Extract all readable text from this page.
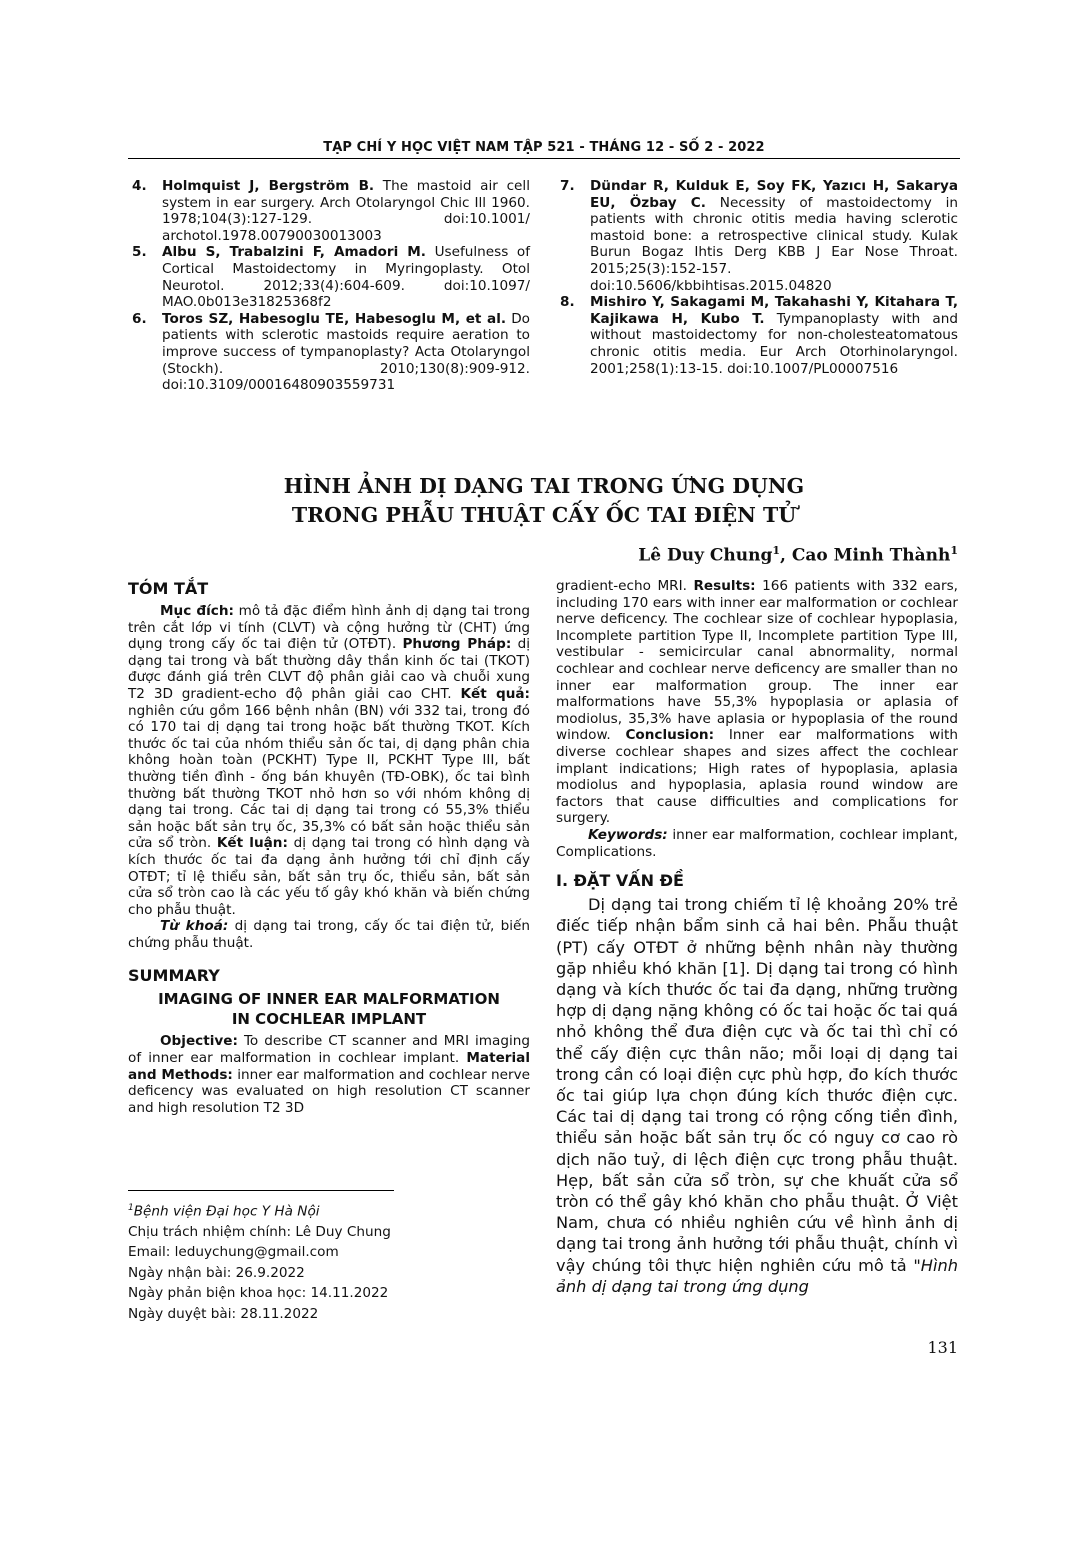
TẠP CHÍ Y HỌC VIỆT NAM TẬP 521 - THÁNG 12 - SỐ 2 - 2022
4.	Holmquist J, Bergström B. The mastoid air cell system in ear surgery. Arch Otolaryngol Chic Ill 1960. 1978;104(3):127-129. doi:10.1001/ archotol.1978.00790030013003
5.	Albu S, Trabalzini F, Amadori M. Usefulness of Cortical Mastoidectomy in Myringoplasty. Otol Neurotol. 2012;33(4):604-609. doi:10.1097/ MAO.0b013e31825368f2
6.	Toros SZ, Habesoglu TE, Habesoglu M, et al. Do patients with sclerotic mastoids require aeration to improve success of tympanoplasty? Acta Otolaryngol (Stockh). 2010;130(8):909-912. doi:10.3109/00016480903559731
7.	Dündar R, Kulduk E, Soy FK, Yazıcı H, Sakarya EU, Özbay C. Necessity of mastoidectomy in patients with chronic otitis media having sclerotic mastoid bone: a retrospective clinical study. Kulak Burun Bogaz Ihtis Derg KBB J Ear Nose Throat. 2015;25(3):152-157. doi:10.5606/kbbihtisas.2015.04820
8.	Mishiro Y, Sakagami M, Takahashi Y, Kitahara T, Kajikawa H, Kubo T. Tympanoplasty with and without mastoidectomy for non-cholesteatomatous chronic otitis media. Eur Arch Otorhinolaryngol. 2001;258(1):13-15. doi:10.1007/PL00007516
HÌNH ẢNH DỊ DẠNG TAI TRONG ỨNG DỤNG
TRONG PHẪU THUẬT CẤY ỐC TAI ĐIỆN TỬ
Lê Duy Chung$^1$, Cao Minh Thành$^1$
TÓM TẮT
Mục đích: mô tả đặc điểm hình ảnh dị dạng tai trong trên cắt lớp vi tính (CLVT) và cộng hưởng từ (CHT) ứng dụng trong cấy ốc tai điện tử (OTĐT). Phương Pháp: dị dạng tai trong và bất thường dây thần kinh ốc tai (TKOT) được đánh giá trên CLVT độ phân giải cao và chuỗi xung T2 3D gradient-echo độ phân giải cao CHT. Kết quả: nghiên cứu gồm 166 bệnh nhân (BN) với 332 tai, trong đó có 170 tai dị dạng tai trong hoặc bất thường TKOT. Kích thước ốc tai của nhóm thiểu sản ốc tai, dị dạng phân chia không hoàn toàn (PCKHT) Type II, PCKHT Type III, bất thường tiền đình - ống bán khuyên (TĐ-OBK), ốc tai bình thường bất thường TKOT nhỏ hơn so với nhóm không dị dạng tai trong. Các tai dị dạng tai trong có 55,3% thiểu sản hoặc bất sản trụ ốc, 35,3% có bất sản hoặc thiểu sản cửa sổ tròn. Kết luận: dị dạng tai trong có hình dạng và kích thước ốc tai đa dạng ảnh hưởng tới chỉ định cấy OTĐT; tỉ lệ thiểu sản, bất sản trụ ốc, thiểu sản, bất sản cửa sổ tròn cao là các yếu tố gây khó khăn và biến chứng cho phẫu thuật.
Từ khoá: dị dạng tai trong, cấy ốc tai điện tử, biến chứng phẫu thuật.
SUMMARY
IMAGING OF INNER EAR MALFORMATION
IN COCHLEAR IMPLANT
Objective: To describe CT scanner and MRI imaging of inner ear malformation in cochlear implant. Material and Methods: inner ear malformation and cochlear nerve deficency was evaluated on high resolution CT scanner and high resolution T2 3D
$^1$Bệnh viện Đại học Y Hà Nội
Chịu trách nhiệm chính: Lê Duy Chung
Email: leduychung@gmail.com
Ngày nhận bài: 26.9.2022
Ngày phản biện khoa học: 14.11.2022
Ngày duyệt bài: 28.11.2022
gradient-echo MRI. Results: 166 patients with 332 ears, including 170 ears with inner ear malformation or cochlear nerve deficency. The cochlear size of cochlear hypoplasia, Incomplete partition Type II, Incomplete partition Type III, vestibular - semicircular canal abnormality, normal cochlear and cochlear nerve deficency are smaller than no inner ear malformation group. The inner ear malformations have 55,3% hypoplasia or aplasia of modiolus, 35,3% have aplasia or hypoplasia of the round window. Conclusion: Inner ear malformations with diverse cochlear shapes and sizes affect the cochlear implant indications; High rates of hypoplasia, aplasia modiolus and hypoplasia, aplasia round window are factors that cause difficulties and complications for surgery.
Keywords: inner ear malformation, cochlear implant, Complications.
I. ĐẶT VẤN ĐỀ
Dị dạng tai trong chiếm tỉ lệ khoảng 20% trẻ điếc tiếp nhận bẩm sinh cả hai bên. Phẫu thuật (PT) cấy OTĐT ở những bệnh nhân này thường gặp nhiều khó khăn [1]. Dị dạng tai trong có hình dạng và kích thước ốc tai đa dạng, những trường hợp dị dạng nặng không có ốc tai hoặc ốc tai quá nhỏ không thể đưa điện cực và ốc tai thì chỉ có thể cấy điện cực thân não; mỗi loại dị dạng tai trong cần có loại điện cực phù hợp, đo kích thước ốc tai giúp lựa chọn đúng kích thước điện cực. Các tai dị dạng tai trong có rộng cống tiền đình, thiểu sản hoặc bất sản trụ ốc có nguy cơ cao rò dịch não tuỷ, di lệch điện cực trong phẫu thuật. Hẹp, bất sản cửa sổ tròn, sự che khuất cửa sổ tròn có thể gây khó khăn cho phẫu thuật. Ở Việt Nam, chưa có nhiều nghiên cứu về hình ảnh dị dạng tai trong ảnh hưởng tới phẫu thuật, chính vì vậy chúng tôi thực hiện nghiên cứu mô tả "Hình ảnh dị dạng tai trong ứng dụng
131
